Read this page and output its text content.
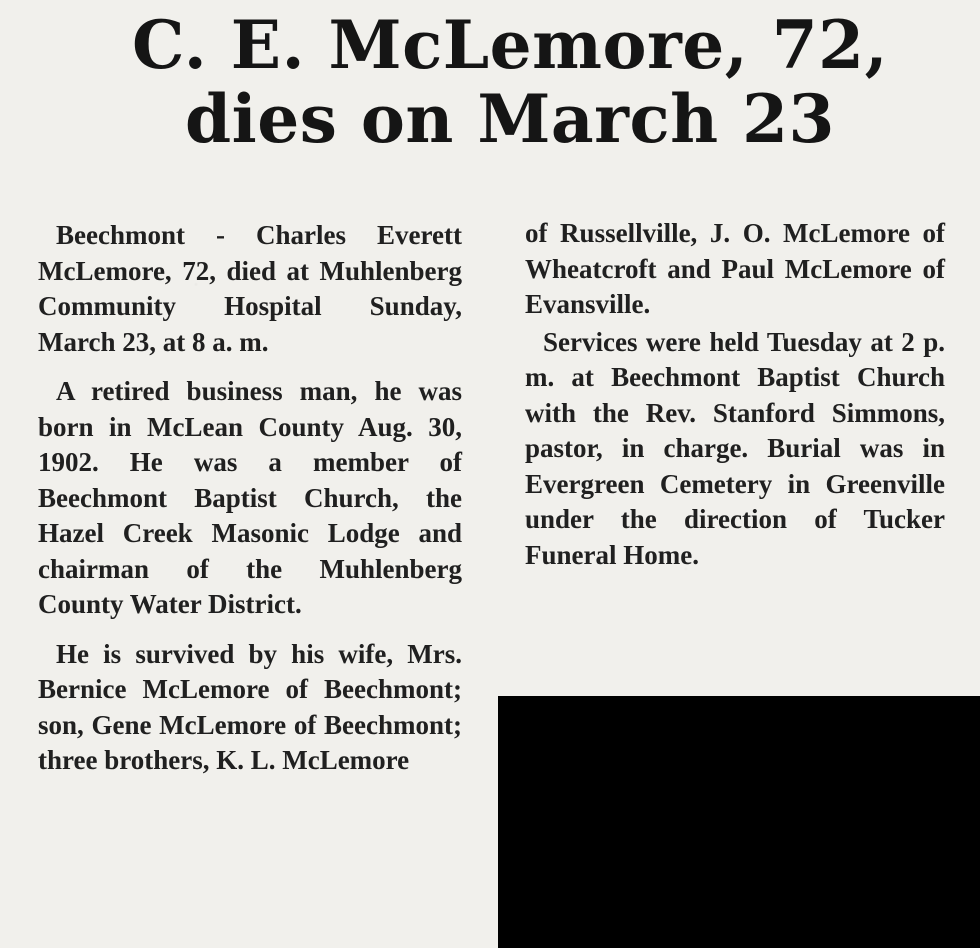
C. E. McLemore, 72,
dies on March 23

Beechmont - Charles Everett McLemore, 72, died at Muhlenberg Community Hospital Sunday, March 23, at 8 a. m.

A retired business man, he was born in McLean County Aug. 30, 1902. He was a member of Beechmont Baptist Church, the Hazel Creek Masonic Lodge and chairman of the Muhlenberg County Water District.

He is survived by his wife, Mrs. Bernice McLemore of Beechmont; son, Gene McLemore of Beechmont; three brothers, K. L. McLemore

of Russellville, J. O. McLemore of Wheatcroft and Paul McLemore of Evansville.

Services were held Tuesday at 2 p. m. at Beechmont Baptist Church with the Rev. Stanford Simmons, pastor, in charge. Burial was in Evergreen Cemetery in Greenville under the direction of Tucker Funeral Home.
